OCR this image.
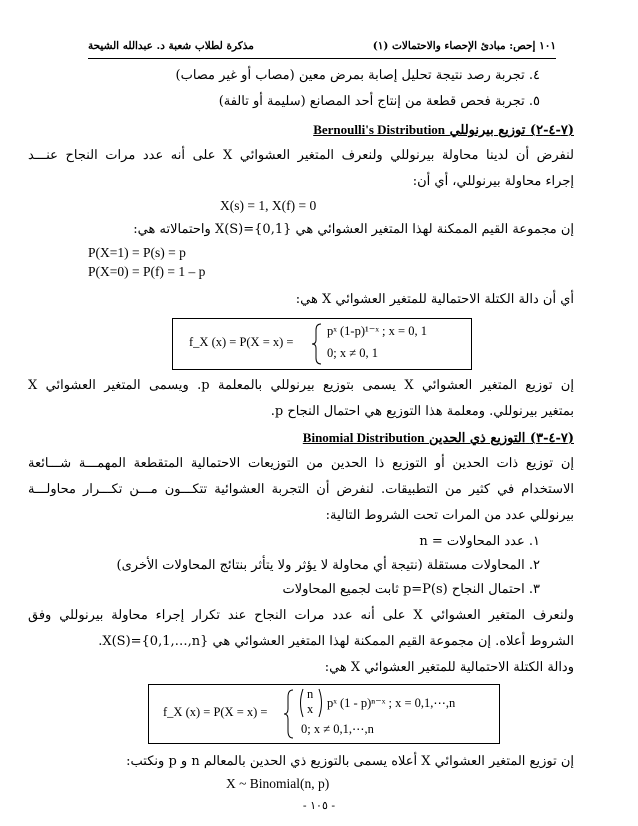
١٠١ إحص: مبادئ الإحصاء والاحتمالات (١)
مذكرة لطلاب شعبة د. عبدالله الشيحة
٤. تجربة رصد نتيجة تحليل إصابة بمرض معين (مصاب أو غير مصاب)
٥. تجربة فحص قطعة من إنتاج أحد المصانع (سليمة أو تالفة)
(٧-٤-٢) توزيع بيرنوللي Bernoulli's Distribution
لنفرض أن لدينا محاولة بيرنوللي ولنعرف المتغير العشوائي X على أنه عدد مرات النجاح عنـــد
إجراء محاولة بيرنوللي، أي أن:
X(s) = 1, X(f) = 0
إن مجموعة القيم الممكنة لهذا المتغير العشوائي هي X(S)={0,1} واحتمالاته هي:
P(X=1) = P(s) = p
P(X=0) = P(f) = 1 – p
أي أن دالة الكتلة الاحتمالية للمتغير العشوائي X هي:
f_X (x) = P(X = x) =
pˣ (1-p)¹⁻ˣ ; x = 0, 1
0; x ≠ 0, 1
إن توزيع المتغير العشوائي X يسمى بتوزيع بيرنوللي بالمعلمة p. ويسمى المتغير العشوائي X
بمتغير بيرنوللي. ومعلمة هذا التوزيع هي احتمال النجاح p.
(٧-٤-٣) التوزيع ذي الحدين Binomial Distribution
إن توزيع ذات الحدين أو التوزيع ذا الحدين من التوزيعات الاحتمالية المتقطعة المهمـــة شـــائعة
الاستخدام في كثير من التطبيقات. لنفرض أن التجربة العشوائية تتكـــون مـــن تكـــرار محاولـــة
بيرنوللي عدد من المرات تحت الشروط التالية:
١. عدد المحاولات = n
٢. المحاولات مستقلة (نتيجة أي محاولة لا يؤثر ولا يتأثر بنتائج المحاولات الأخرى)
٣. احتمال النجاح p=P(s) ثابت لجميع المحاولات
ولنعرف المتغير العشوائي X على أنه عدد مرات النجاح عند تكرار إجراء محاولة بيرنوللي وفق
الشروط أعلاه. إن مجموعة القيم الممكنة لهذا المتغير العشوائي هي X(S)={0,1,…,n}.
ودالة الكتلة الاحتمالية للمتغير العشوائي X هي:
f_X (x) = P(X = x) =
n
x pˣ (1 - p)ⁿ⁻ˣ ; x = 0,1,⋯,n
0; x ≠ 0,1,⋯,n
إن توزيع المتغير العشوائي X أعلاه يسمى بالتوزيع ذي الحدين بالمعالم n و p ونكتب:
X ~ Binomial(n, p)
- ١٠٥ -
